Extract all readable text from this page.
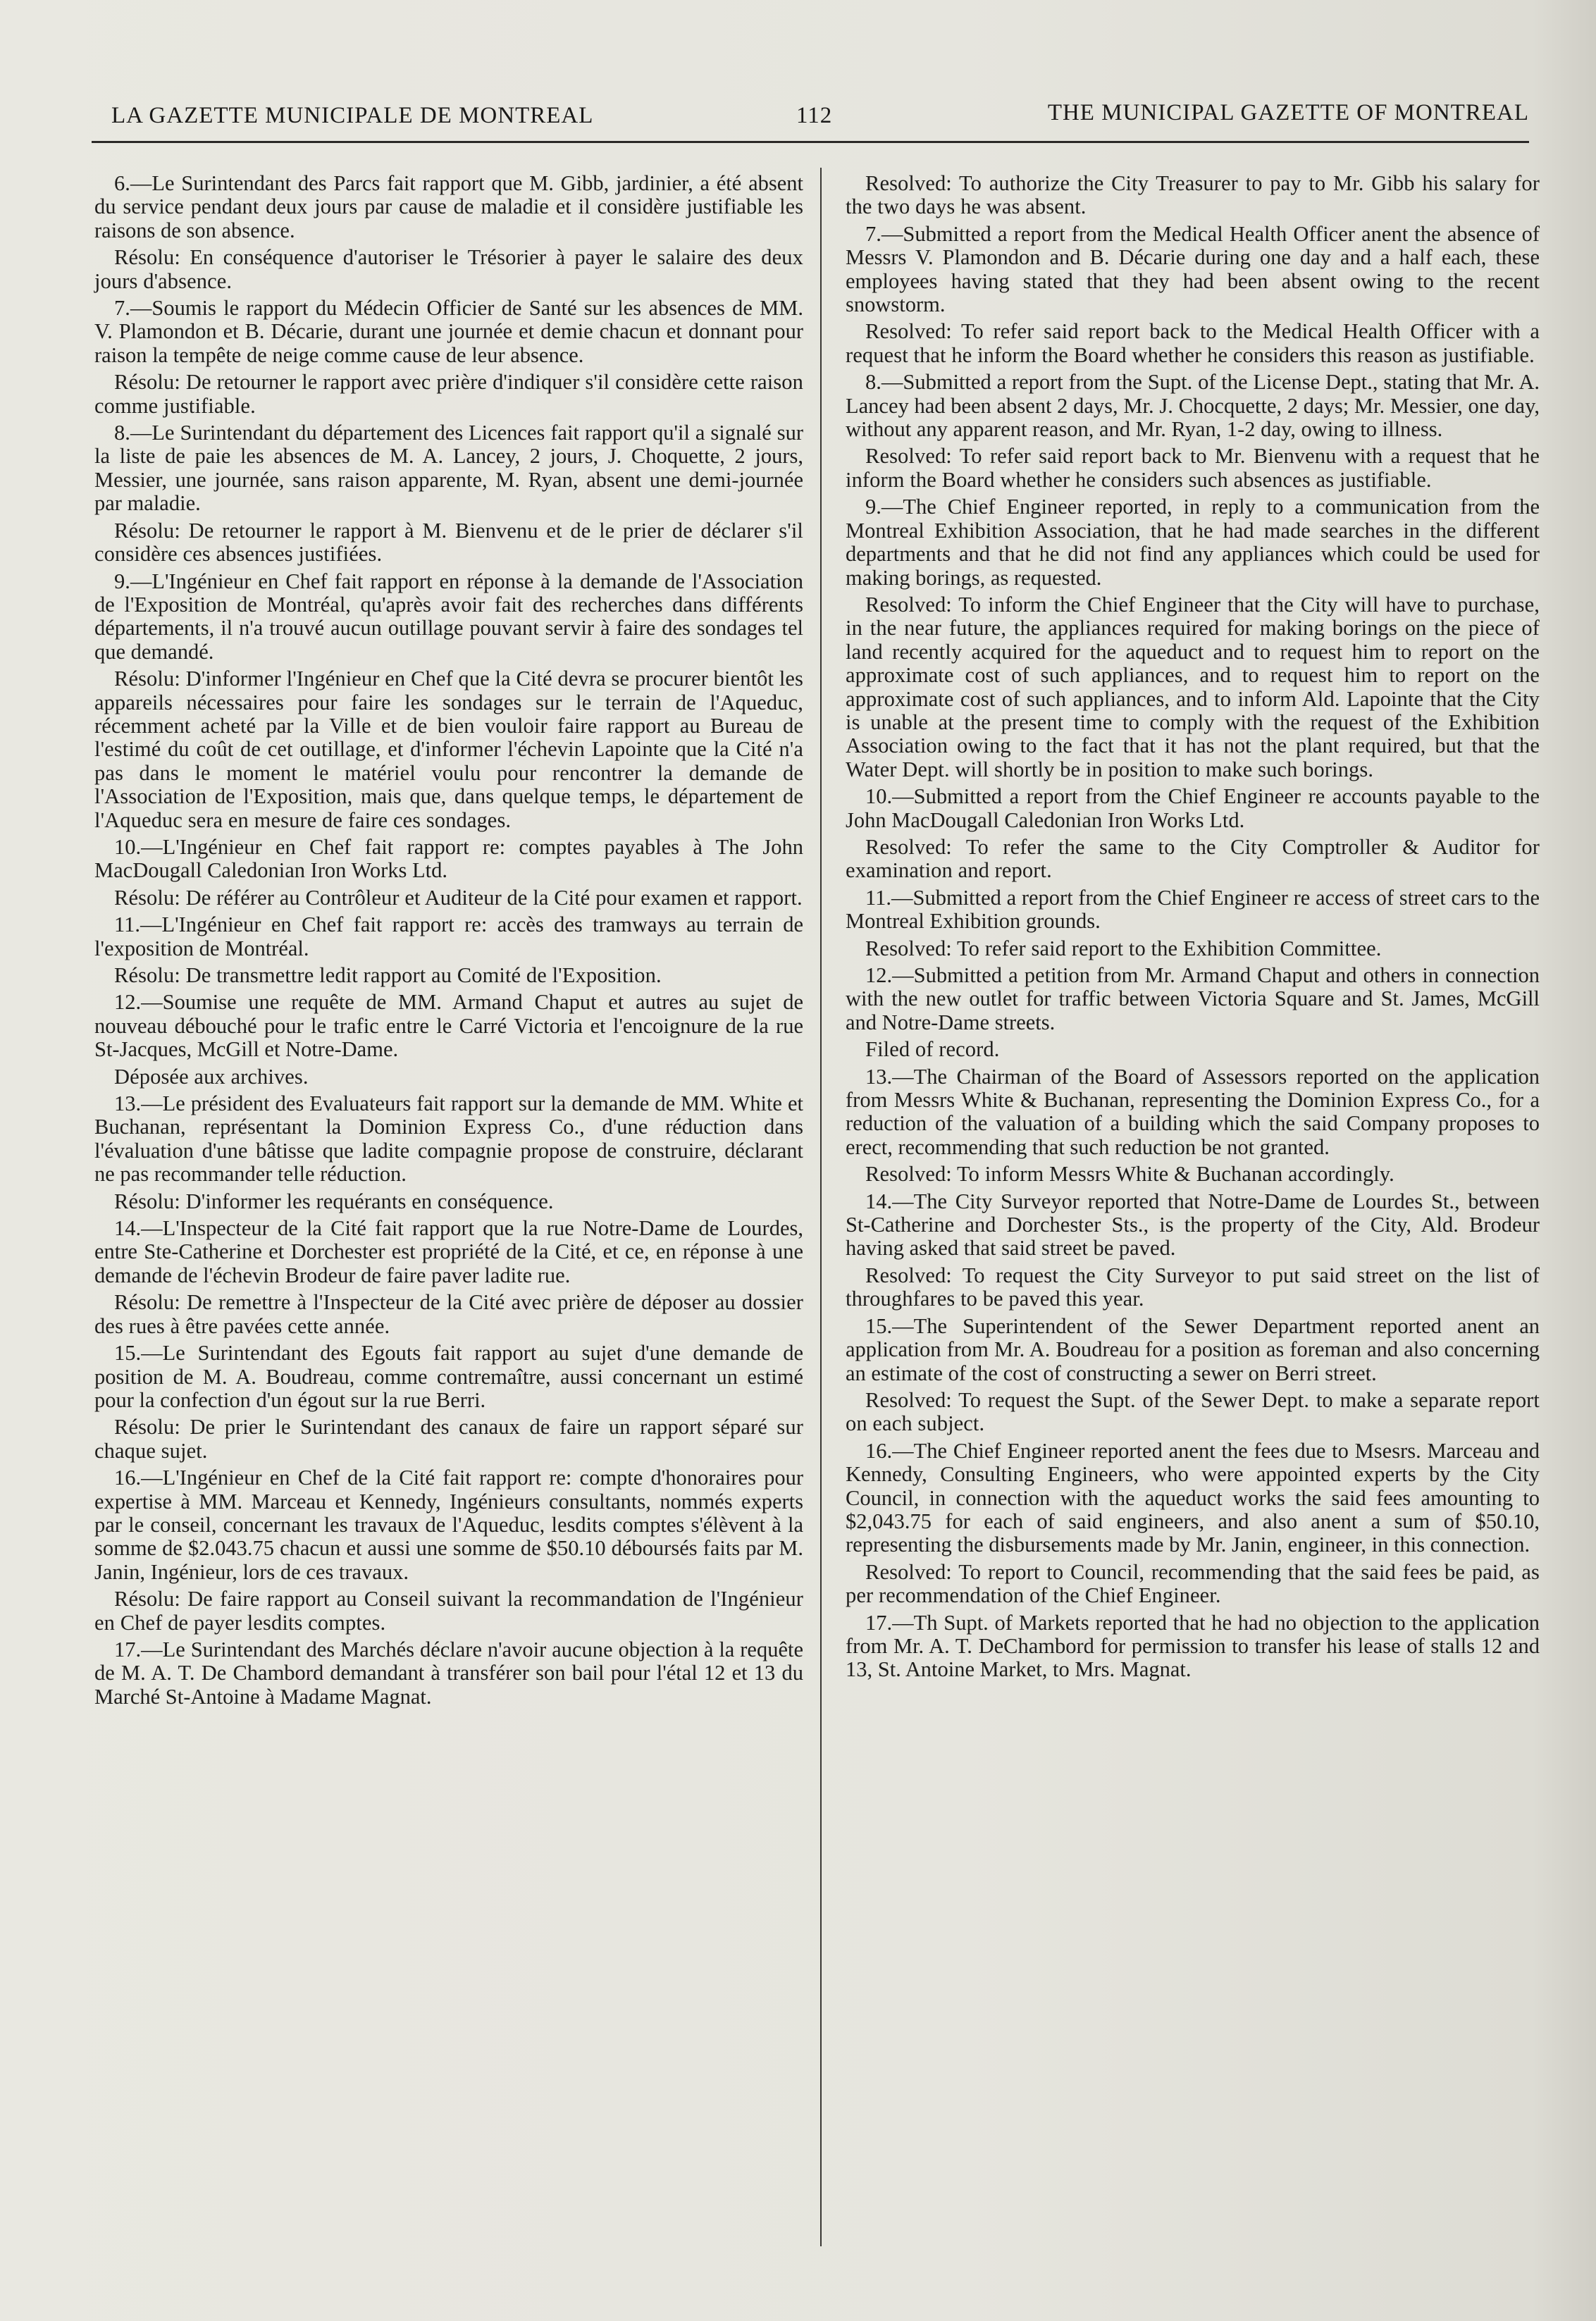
LA GAZETTE MUNICIPALE DE MONTREAL	112	THE MUNICIPAL GAZETTE OF MONTREAL

6.—Le Surintendant des Parcs fait rapport que M. Gibb, jardinier, a été absent du service pendant deux jours par cause de maladie et il considère justifiable les raisons de son absence.

Résolu: En conséquence d'autoriser le Trésorier à payer le salaire des deux jours d'absence.

7.—Soumis le rapport du Médecin Officier de Santé sur les absences de MM. V. Plamondon et B. Décarie, durant une journée et demie chacun et donnant pour raison la tempête de neige comme cause de leur absence.

Résolu: De retourner le rapport avec prière d'indiquer s'il considère cette raison comme justifiable.

8.—Le Surintendant du département des Licences fait rapport qu'il a signalé sur la liste de paie les absences de M. A. Lancey, 2 jours, J. Choquette, 2 jours, Messier, une journée, sans raison apparente, M. Ryan, absent une demi-journée par maladie.

Résolu: De retourner le rapport à M. Bienvenu et de le prier de déclarer s'il considère ces absences justifiées.

9.—L'Ingénieur en Chef fait rapport en réponse à la demande de l'Association de l'Exposition de Montréal, qu'après avoir fait des recherches dans différents départements, il n'a trouvé aucun outillage pouvant servir à faire des sondages tel que demandé.

Résolu: D'informer l'Ingénieur en Chef que la Cité devra se procurer bientôt les appareils nécessaires pour faire les sondages sur le terrain de l'Aqueduc, récemment acheté par la Ville et de bien vouloir faire rapport au Bureau de l'estimé du coût de cet outillage, et d'informer l'échevin Lapointe que la Cité n'a pas dans le moment le matériel voulu pour rencontrer la demande de l'Association de l'Exposition, mais que, dans quelque temps, le département de l'Aqueduc sera en mesure de faire ces sondages.

10.—L'Ingénieur en Chef fait rapport re: comptes payables à The John MacDougall Caledonian Iron Works Ltd.

Résolu: De référer au Contrôleur et Auditeur de la Cité pour examen et rapport.

11.—L'Ingénieur en Chef fait rapport re: accès des tramways au terrain de l'exposition de Montréal.

Résolu: De transmettre ledit rapport au Comité de l'Exposition.

12.—Soumise une requête de MM. Armand Chaput et autres au sujet de nouveau débouché pour le trafic entre le Carré Victoria et l'encoignure de la rue St-Jacques, McGill et Notre-Dame.

Déposée aux archives.

13.—Le président des Evaluateurs fait rapport sur la demande de MM. White et Buchanan, représentant la Dominion Express Co., d'une réduction dans l'évaluation d'une bâtisse que ladite compagnie propose de construire, déclarant ne pas recommander telle réduction.

Résolu: D'informer les requérants en conséquence.

14.—L'Inspecteur de la Cité fait rapport que la rue Notre-Dame de Lourdes, entre Ste-Catherine et Dorchester est propriété de la Cité, et ce, en réponse à une demande de l'échevin Brodeur de faire paver ladite rue.

Résolu: De remettre à l'Inspecteur de la Cité avec prière de déposer au dossier des rues à être pavées cette année.

15.—Le Surintendant des Egouts fait rapport au sujet d'une demande de position de M. A. Boudreau, comme contremaître, aussi concernant un estimé pour la confection d'un égout sur la rue Berri.

Résolu: De prier le Surintendant des canaux de faire un rapport séparé sur chaque sujet.

16.—L'Ingénieur en Chef de la Cité fait rapport re: compte d'honoraires pour expertise à MM. Marceau et Kennedy, Ingénieurs consultants, nommés experts par le conseil, concernant les travaux de l'Aqueduc, lesdits comptes s'élèvent à la somme de $2.043.75 chacun et aussi une somme de $50.10 déboursés faits par M. Janin, Ingénieur, lors de ces travaux.

Résolu: De faire rapport au Conseil suivant la recommandation de l'Ingénieur en Chef de payer lesdits comptes.

17.—Le Surintendant des Marchés déclare n'avoir aucune objection à la requête de M. A. T. De Chambord demandant à transférer son bail pour l'étal 12 et 13 du Marché St-Antoine à Madame Magnat.

Resolved: To authorize the City Treasurer to pay to Mr. Gibb his salary for the two days he was absent.

7.—Submitted a report from the Medical Health Officer anent the absence of Messrs V. Plamondon and B. Décarie during one day and a half each, these employees having stated that they had been absent owing to the recent snowstorm.

Resolved: To refer said report back to the Medical Health Officer with a request that he inform the Board whether he considers this reason as justifiable.

8.—Submitted a report from the Supt. of the License Dept., stating that Mr. A. Lancey had been absent 2 days, Mr. J. Chocquette, 2 days; Mr. Messier, one day, without any apparent reason, and Mr. Ryan, 1-2 day, owing to illness.

Resolved: To refer said report back to Mr. Bienvenu with a request that he inform the Board whether he considers such absences as justifiable.

9.—The Chief Engineer reported, in reply to a communication from the Montreal Exhibition Association, that he had made searches in the different departments and that he did not find any appliances which could be used for making borings, as requested.

Resolved: To inform the Chief Engineer that the City will have to purchase, in the near future, the appliances required for making borings on the piece of land recently acquired for the aqueduct and to request him to report on the approximate cost of such appliances, and to request him to report on the approximate cost of such appliances, and to inform Ald. Lapointe that the City is unable at the present time to comply with the request of the Exhibition Association owing to the fact that it has not the plant required, but that the Water Dept. will shortly be in position to make such borings.

10.—Submitted a report from the Chief Engineer re accounts payable to the John MacDougall Caledonian Iron Works Ltd.

Resolved: To refer the same to the City Comptroller & Auditor for examination and report.

11.—Submitted a report from the Chief Engineer re access of street cars to the Montreal Exhibition grounds.

Resolved: To refer said report to the Exhibition Committee.

12.—Submitted a petition from Mr. Armand Chaput and others in connection with the new outlet for traffic between Victoria Square and St. James, McGill and Notre-Dame streets.

Filed of record.

13.—The Chairman of the Board of Assessors reported on the application from Messrs White & Buchanan, representing the Dominion Express Co., for a reduction of the valuation of a building which the said Company proposes to erect, recommending that such reduction be not granted.

Resolved: To inform Messrs White & Buchanan accordingly.

14.—The City Surveyor reported that Notre-Dame de Lourdes St., between St-Catherine and Dorchester Sts., is the property of the City, Ald. Brodeur having asked that said street be paved.

Resolved: To request the City Surveyor to put said street on the list of throughfares to be paved this year.

15.—The Superintendent of the Sewer Department reported anent an application from Mr. A. Boudreau for a position as foreman and also concerning an estimate of the cost of constructing a sewer on Berri street.

Resolved: To request the Supt. of the Sewer Dept. to make a separate report on each subject.

16.—The Chief Engineer reported anent the fees due to Msesrs. Marceau and Kennedy, Consulting Engineers, who were appointed experts by the City Council, in connection with the aqueduct works the said fees amounting to $2,043.75 for each of said engineers, and also anent a sum of $50.10, representing the disbursements made by Mr. Janin, engineer, in this connection.

Resolved: To report to Council, recommending that the said fees be paid, as per recommendation of the Chief Engineer.

17.—Th Supt. of Markets reported that he had no objection to the application from Mr. A. T. DeChambord for permission to transfer his lease of stalls 12 and 13, St. Antoine Market, to Mrs. Magnat.
